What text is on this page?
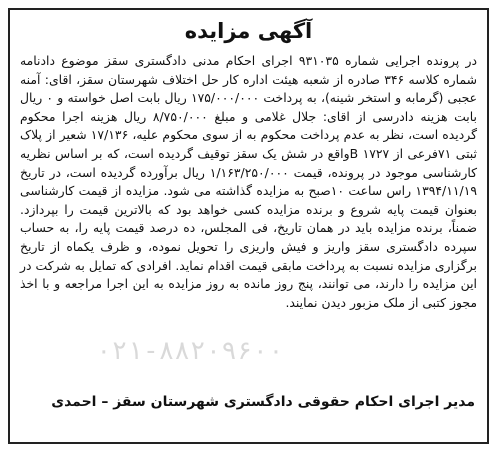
آگهی مزایده

در پرونده اجرایی شماره ۹۳۱۰۳۵ اجرای احکام مدنی دادگستری سقز موضوع دادنامه شماره کلاسه ۳۴۶ صادره از شعبه هیئت اداره کار حل اختلاف شهرستان سقز، اقای: آمنه عجبی (گرمابه و استخر شینه)، به پرداخت ۱۷۵/۰۰۰/۰۰۰ ریال بابت اصل خواسته و ۰ ریال بابت هزینه دادرسی از اقای: جلال غلامی و مبلغ ۸/۷۵۰/۰۰۰ ریال هزینه اجرا محکوم گردیده است، نظر به عدم پرداخت محکوم به از سوی محکوم علیه، ۱۷/۱۳۶ شعیر از پلاک ثبتی ۷۱فرعی از ۱۷۲۷ Bواقع در شش یک سقز توقیف گردیده است، که بر اساس نظریه کارشناسی موجود در پرونده، قیمت ۱/۱۶۳/۲۵۰/۰۰۰ ریال برآورده گردیده است، در تاریخ ۱۳۹۴/۱۱/۱۹ راس ساعت ۱۰صبح به مزایده گذاشته می شود. مزایده از قیمت کارشناسی بعنوان قیمت پایه شروع و برنده مزایده کسی خواهد بود که بالاترین قیمت را بپردازد. ضمناً، برنده مزایده باید در همان تاریخ، فی المجلس، ده درصد قیمت پایه را، به حساب سپرده دادگستری سقز واریز و فیش واریزی را تحویل نموده، و ظرف یکماه از تاریخ برگزاری مزایده نسبت به پرداخت مابقی قیمت اقدام نماید. افرادی که تمایل به شرکت در این مزایده را دارند، می توانند، پنج روز مانده به روز مزایده به این اجرا مراجعه و با اخذ مجوز کتبی از ملک مزبور دیدن نمایند.

مدیر اجرای احکام حقوقی دادگستری شهرستان سقز – احمدی
۰۲۱-۸۸۲۰۹۶۰۰
